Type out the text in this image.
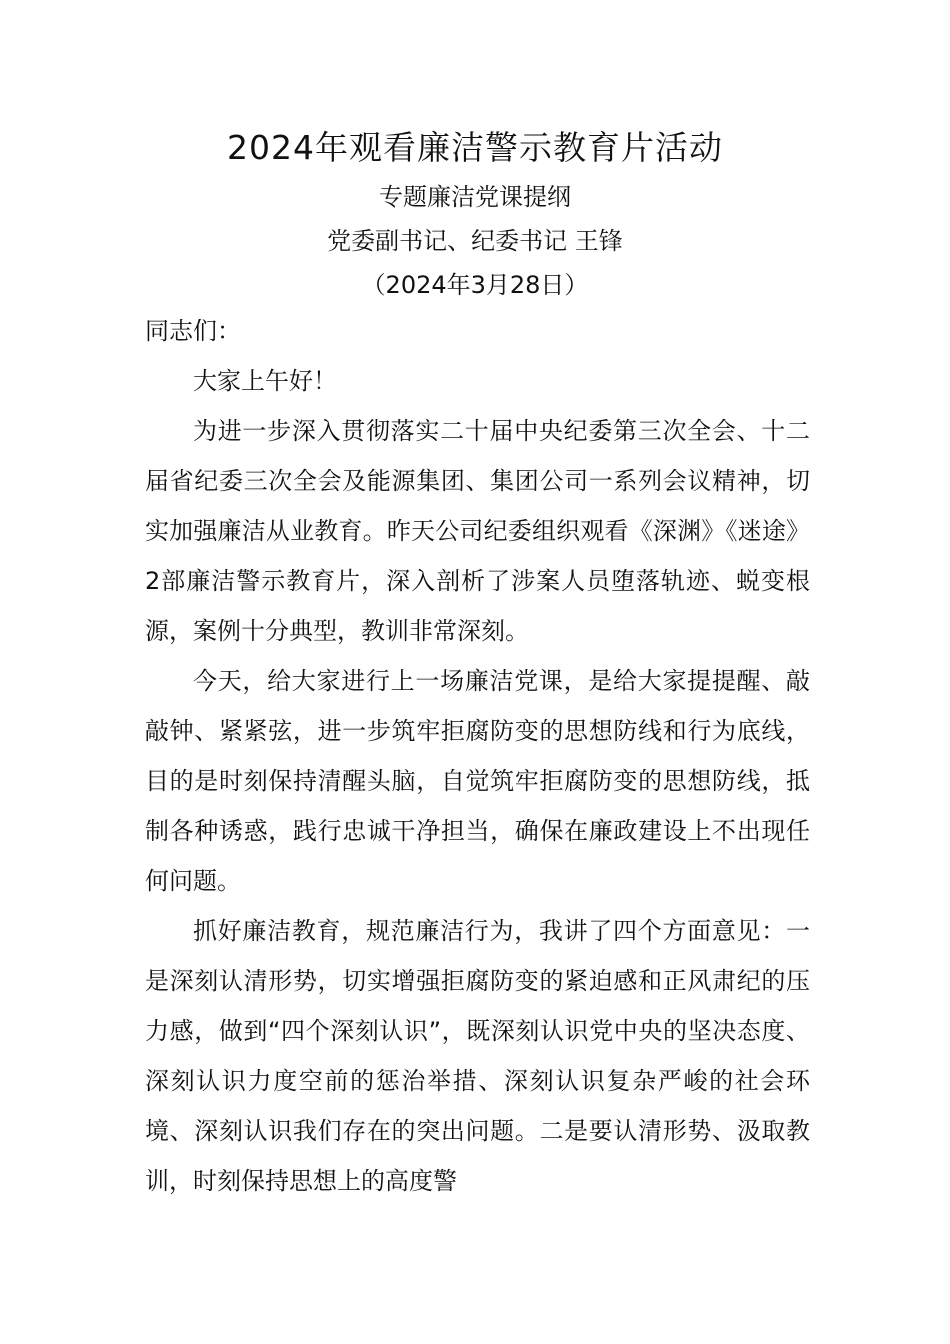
2024年观看廉洁警示教育片活动
专题廉洁党课提纲
党委副书记、纪委书记 王锋
（2024年3月28日）

同志们：

大家上午好！

为进一步深入贯彻落实二十届中央纪委第三次全会、十二届省纪委三次全会及能源集团、集团公司一系列会议精神，切实加强廉洁从业教育。昨天公司纪委组织观看《深渊》《迷途》2部廉洁警示教育片，深入剖析了涉案人员堕落轨迹、蜕变根源，案例十分典型，教训非常深刻。

今天，给大家进行上一场廉洁党课，是给大家提提醒、敲敲钟、紧紧弦，进一步筑牢拒腐防变的思想防线和行为底线，目的是时刻保持清醒头脑，自觉筑牢拒腐防变的思想防线，抵制各种诱惑，践行忠诚干净担当，确保在廉政建设上不出现任何问题。

抓好廉洁教育，规范廉洁行为，我讲了四个方面意见：一是深刻认清形势，切实增强拒腐防变的紧迫感和正风肃纪的压力感，做到“四个深刻认识”，既深刻认识党中央的坚决态度、深刻认识力度空前的惩治举措、深刻认识复杂严峻的社会环境、深刻认识我们存在的突出问题。二是要认清形势、汲取教训，时刻保持思想上的高度警
